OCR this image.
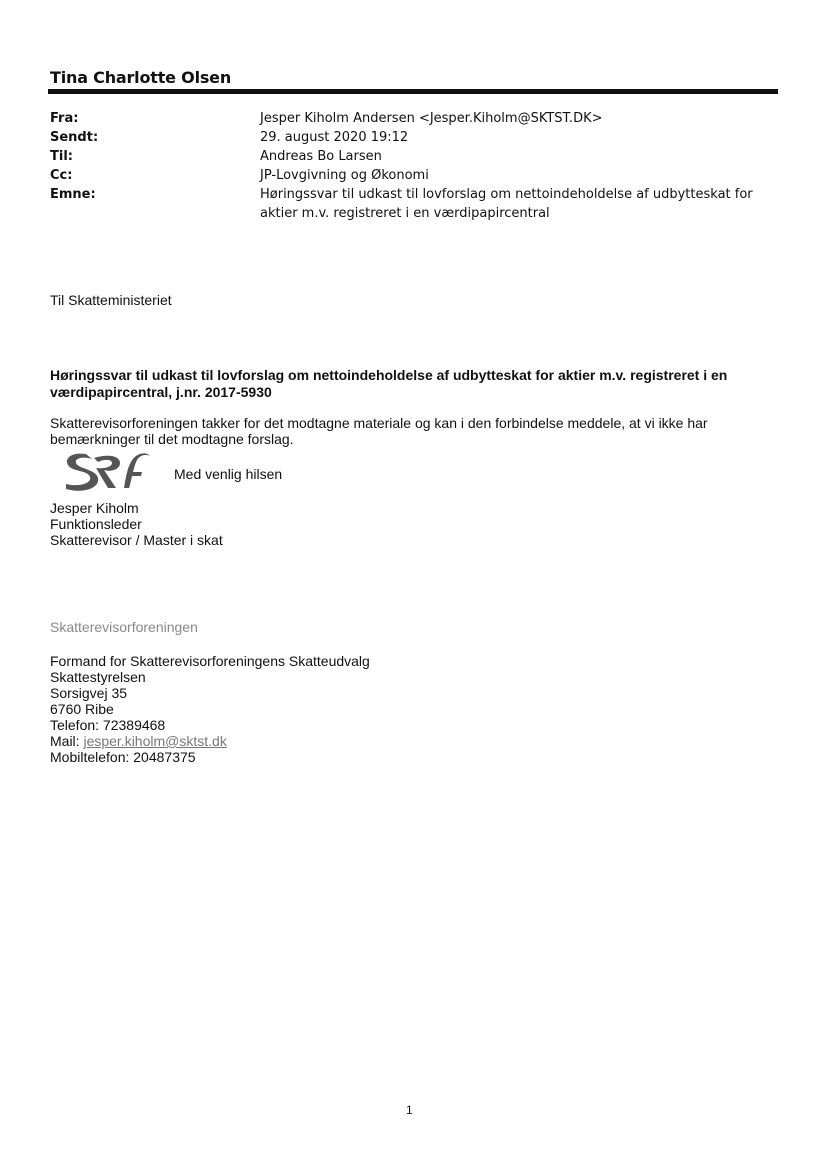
Tina Charlotte Olsen
Fra:	Jesper Kiholm Andersen <Jesper.Kiholm@SKTST.DK>
Sendt:	29. august 2020 19:12
Til:	Andreas Bo Larsen
Cc:	JP-Lovgivning og Økonomi
Emne:	Høringssvar til udkast til lovforslag om nettoindeholdelse af udbytteskat for aktier m.v. registreret i en værdipapircentral
Til Skatteministeriet
Høringssvar til udkast til lovforslag om nettoindeholdelse af udbytteskat for aktier m.v. registreret i en værdipapircentral, j.nr. 2017-5930
Skatterevisorforeningen takker for det modtagne materiale og kan i den forbindelse meddele, at vi ikke har bemærkninger til det modtagne forslag.
Med venlig hilsen
Jesper Kiholm
Funktionsleder
Skatterevisor / Master i skat
Skatterevisorforeningen
Formand for Skatterevisorforeningens Skatteudvalg
Skattestyrelsen
Sorsigvej 35
6760 Ribe
Telefon: 72389468
Mail: jesper.kiholm@sktst.dk
Mobiltelefon: 20487375
1
